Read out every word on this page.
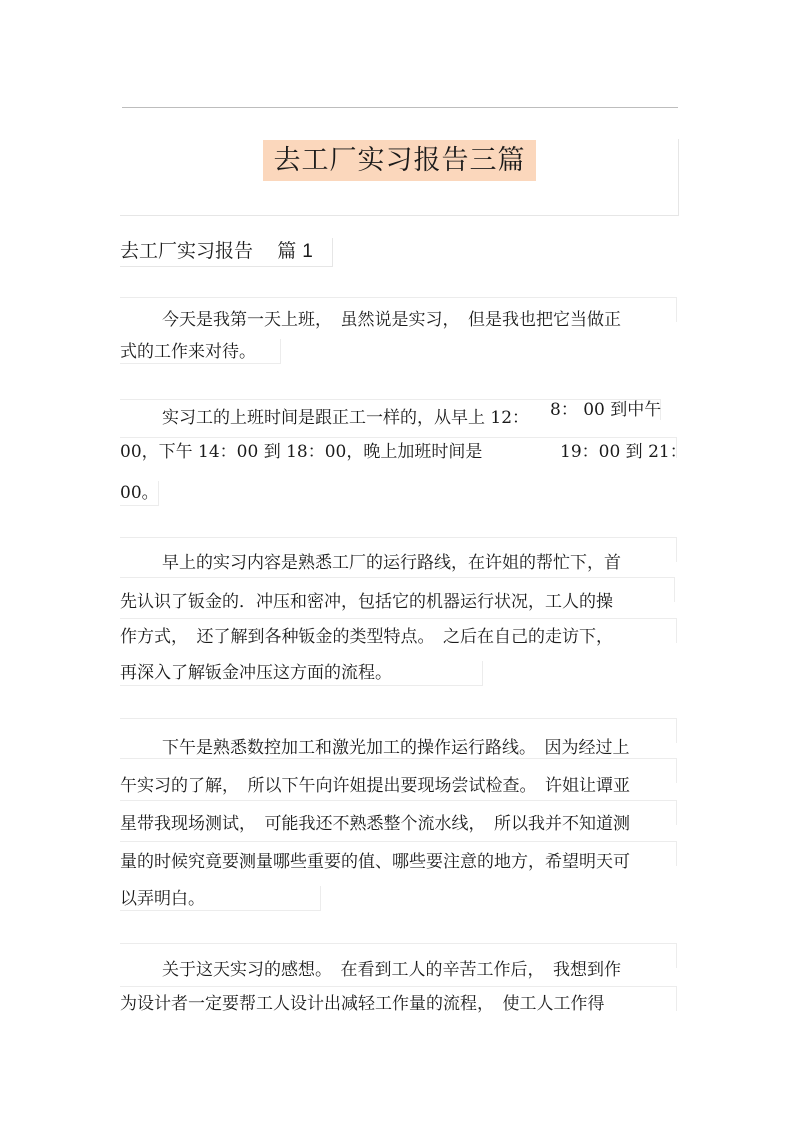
去工厂实习报告三篇
去工厂实习报告 篇 1
今天是我第一天上班，　虽然说是实习，　但是我也把它当做正
式的工作来对待。
实习工的上班时间是跟正工一样的，从早上 12： 8： 00 到中午
00，下午 14：00 到 18：00，晚上加班时间是	19：00 到 21：
00。
早上的实习内容是熟悉工厂的运行路线，在许姐的帮忙下，首
先认识了钣金的．冲压和密冲，包括它的机器运行状况，工人的操
作方式，　还了解到各种钣金的类型特点。　之后在自己的走访下，
再深入了解钣金冲压这方面的流程。
下午是熟悉数控加工和激光加工的操作运行路线。　因为经过上
午实习的了解，　所以下午向许姐提出要现场尝试检查。　许姐让谭亚
星带我现场测试，　可能我还不熟悉整个流水线，　所以我并不知道测
量的时候究竟要测量哪些重要的值、哪些要注意的地方，希望明天可
以弄明白。
关于这天实习的感想。　在看到工人的辛苦工作后，　我想到作
为设计者一定要帮工人设计出减轻工作量的流程，　使工人工作得
